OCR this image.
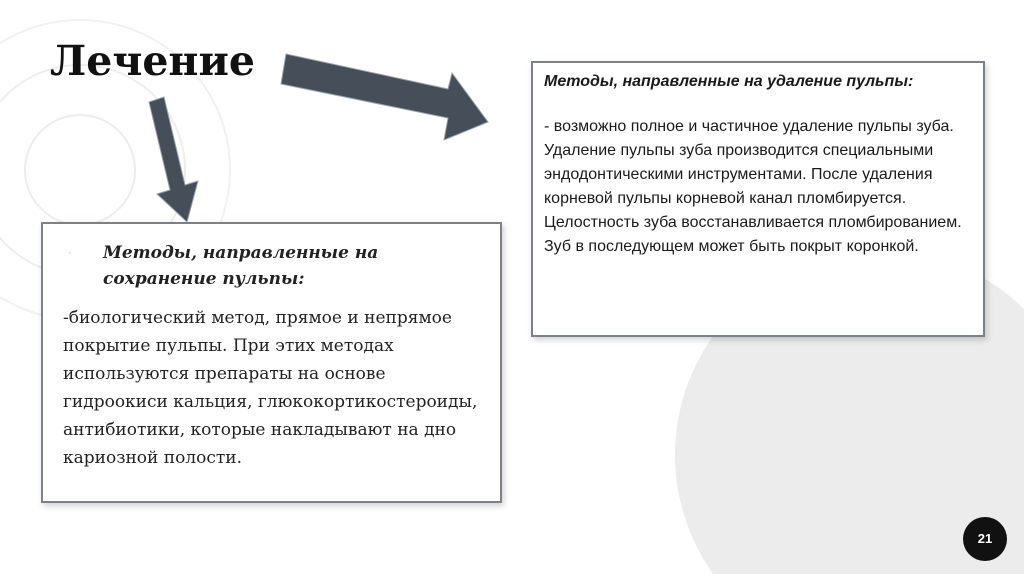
Лечение
◦	Методы, направленные на сохранение пульпы:
-биологический метод, прямое и непрямое покрытие пульпы. При этих методах используются препараты на основе гидроокиси кальция, глюкокортикостероиды, антибиотики, которые накладывают на дно кариозной полости.
Методы, направленные на удаление пульпы:
- возможно полное и частичное удаление пульпы зуба. Удаление пульпы зуба производится специальными эндодонтическими инструментами. После удаления корневой пульпы корневой канал пломбируется. Целостность зуба восстанавливается пломбированием. Зуб в последующем может быть покрыт коронкой.
21
